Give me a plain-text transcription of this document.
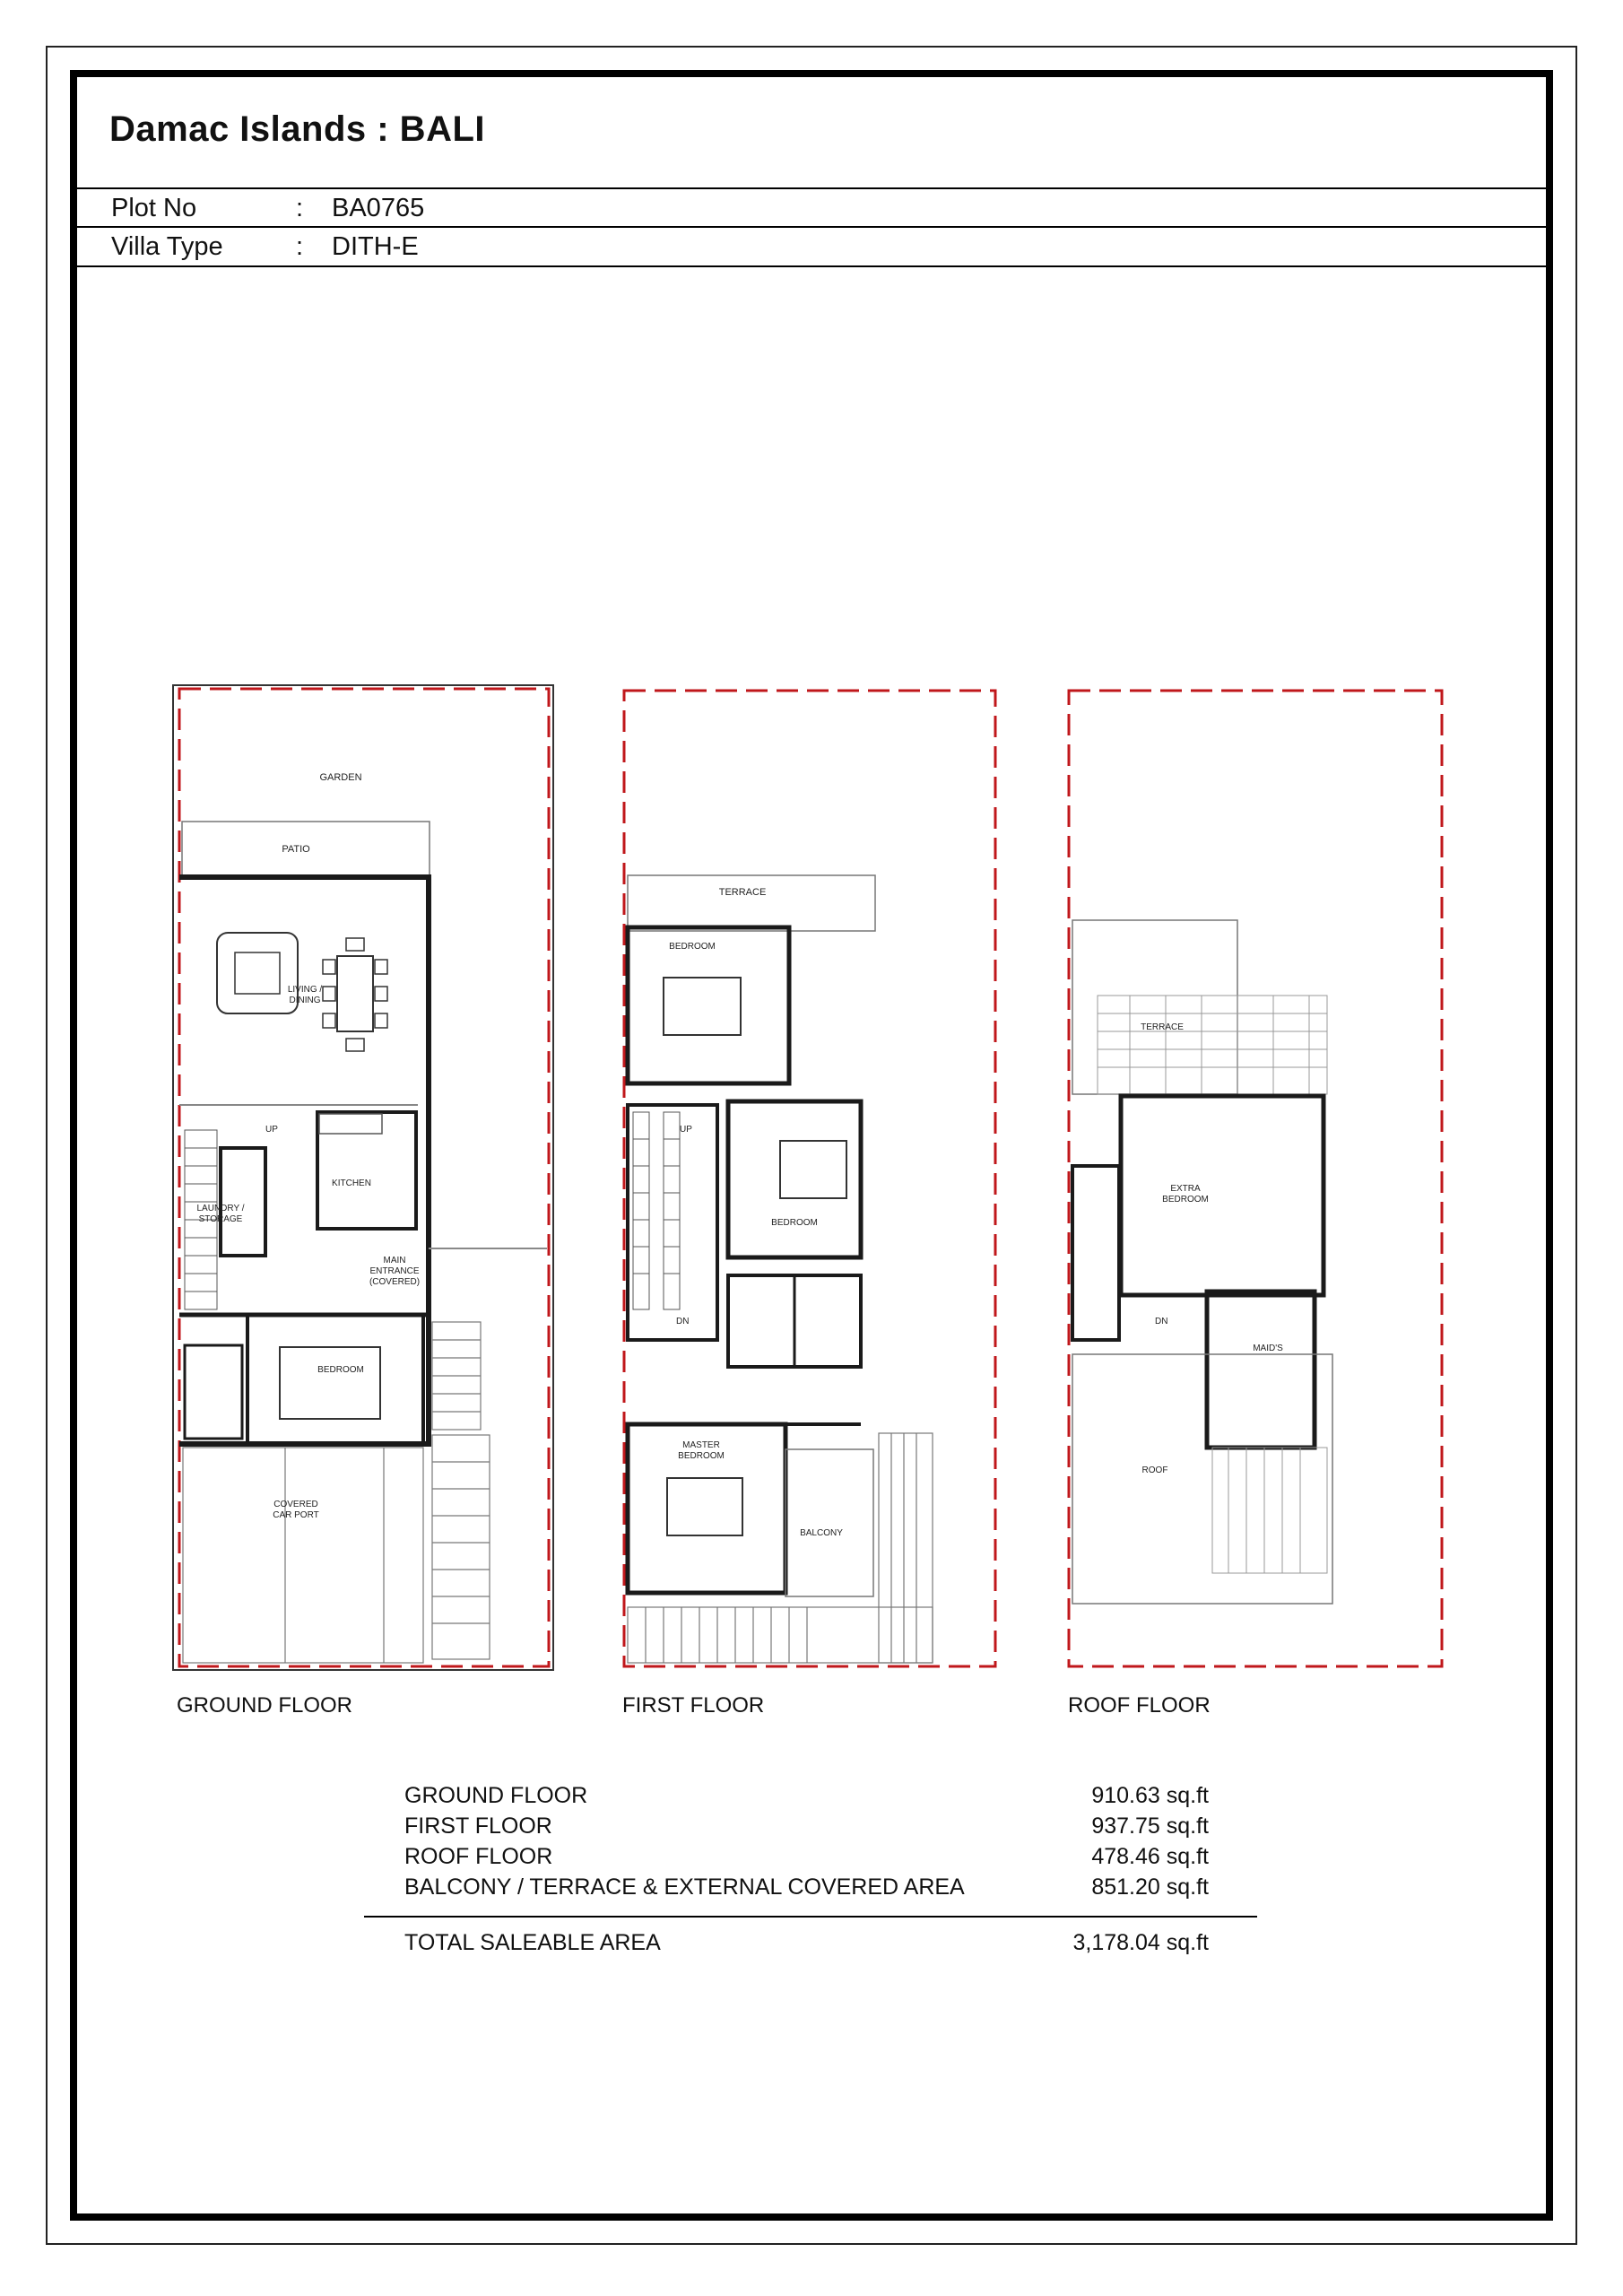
Damac Islands : BALI
Plot No	: BA0765
Villa Type	: DITH-E
GARDEN
PATIO
LIVING /
DINING
UP
KITCHEN
LAUNDRY /
STORAGE
MAIN
ENTRANCE
(COVERED)
BEDROOM
COVERED
CAR PORT
TERRACE
BEDROOM
UP
BEDROOM
DN
MASTER
BEDROOM
BALCONY
TERRACE
EXTRA
BEDROOM
DN
MAID'S
ROOF
GROUND FLOOR	FIRST FLOOR	ROOF FLOOR
GROUND FLOOR	910.63 sq.ft
FIRST FLOOR	937.75 sq.ft
ROOF FLOOR	478.46 sq.ft
BALCONY / TERRACE & EXTERNAL COVERED AREA	851.20 sq.ft
TOTAL SALEABLE AREA	3,178.04 sq.ft
